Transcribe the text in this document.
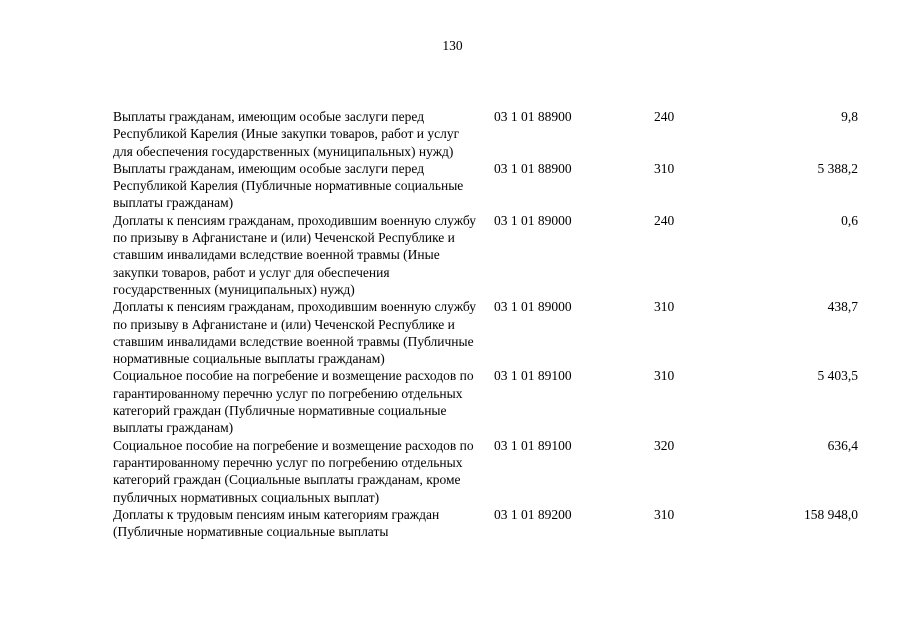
130
Выплаты гражданам, имеющим особые заслуги перед Республикой Карелия (Иные закупки товаров, работ и услуг для обеспечения государственных (муниципальных) нужд)
03 1 01 88900	240	9,8
Выплаты гражданам, имеющим особые заслуги перед Республикой Карелия (Публичные нормативные социальные выплаты гражданам)
03 1 01 88900	310	5 388,2
Доплаты к пенсиям гражданам, проходившим военную службу по призыву в Афганистане и (или) Чеченской Республике и ставшим инвалидами вследствие военной травмы (Иные закупки товаров, работ и услуг для обеспечения государственных (муниципальных) нужд)
03 1 01 89000	240	0,6
Доплаты к пенсиям гражданам, проходившим военную службу по призыву в Афганистане и (или) Чеченской Республике и ставшим инвалидами вследствие военной травмы (Публичные нормативные социальные выплаты гражданам)
03 1 01 89000	310	438,7
Социальное пособие на погребение и возмещение расходов по гарантированному перечню услуг по погребению отдельных категорий граждан (Публичные нормативные социальные выплаты гражданам)
03 1 01 89100	310	5 403,5
Социальное пособие на погребение и возмещение расходов по гарантированному перечню услуг по погребению отдельных категорий граждан (Социальные выплаты гражданам, кроме публичных нормативных социальных выплат)
03 1 01 89100	320	636,4
Доплаты к трудовым пенсиям иным категориям граждан (Публичные нормативные социальные выплаты
03 1 01 89200	310	158 948,0
